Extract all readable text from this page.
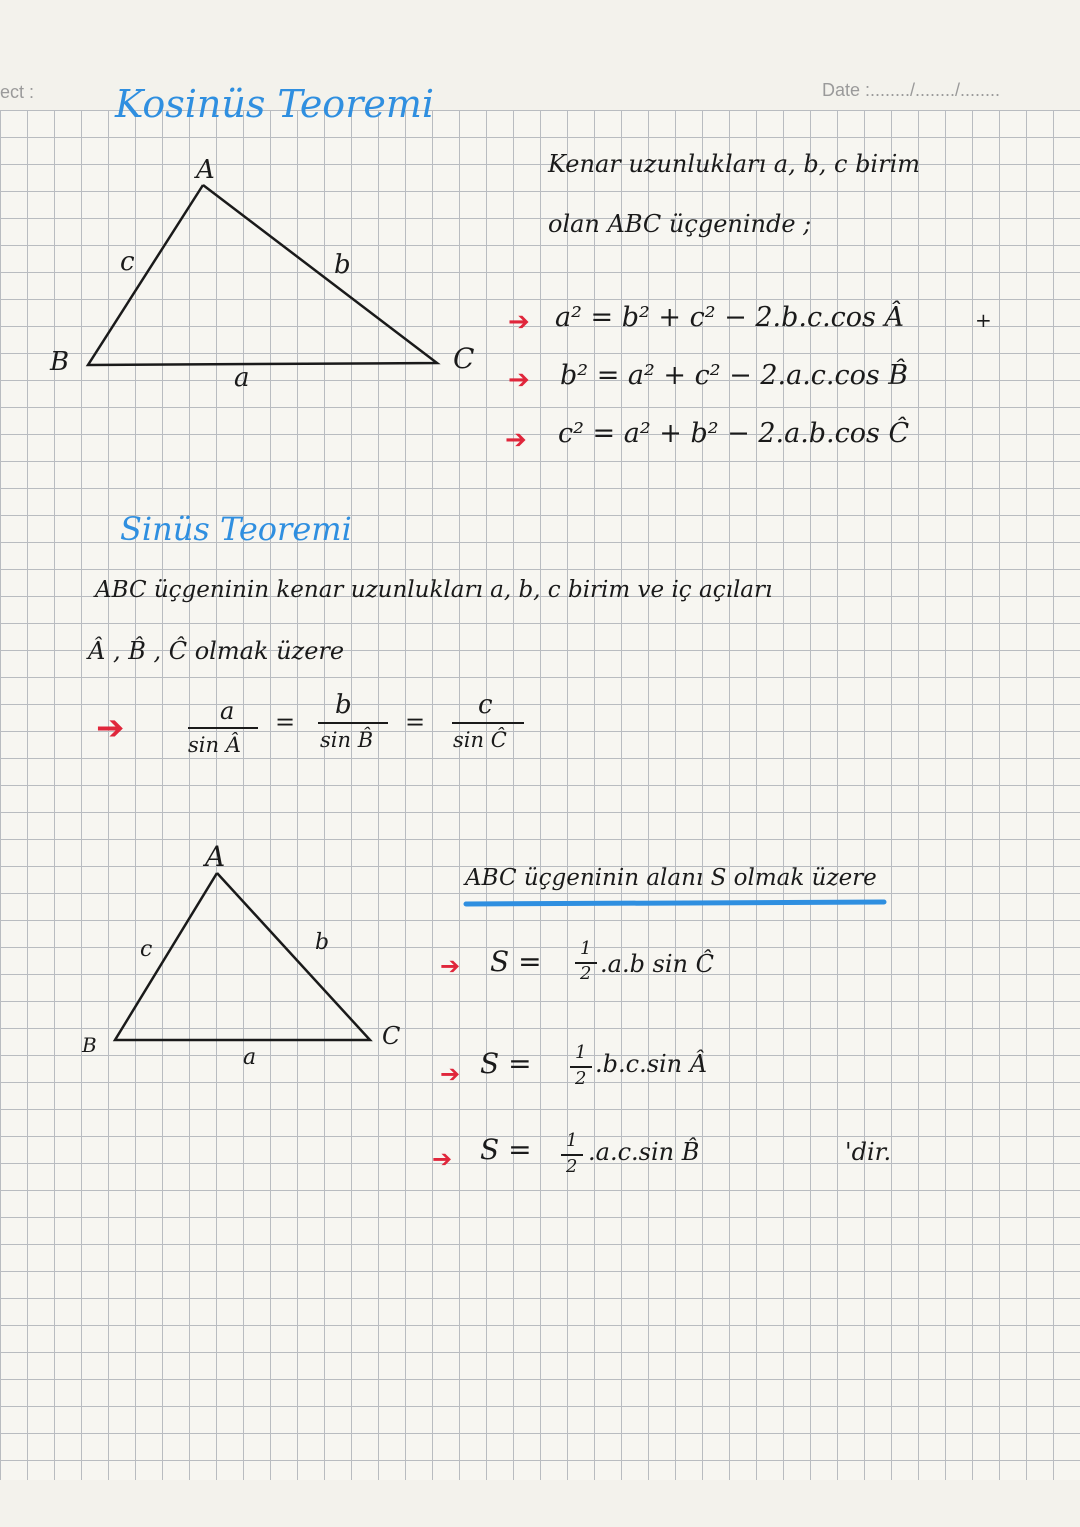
ect :	Date :......../......../........
Kosinüs Teoremi
A
B	C
a
b
c
Kenar uzunlukları a, b, c birim
olan ABC üçgeninde ;
➔ a² = b² + c² − 2.b.c.cos Â	+
➔ b² = a² + c² − 2.a.c.cos B̂
➔ c² = a² + b² − 2.a.b.cos Ĉ
Sinüs Teoremi
ABC üçgeninin kenar uzunlukları a, b, c birim ve iç açıları
Â , B̂ , Ĉ olmak üzere
➔	a
sin Â
=
b
sin B̂
=
c
sin Ĉ
A
B	C
a
b
c
ABC üçgeninin alanı S olmak üzere
➔ S = 1
2 .a.b sin Ĉ
➔ S = 1
2
.b.c.sin Â
➔ S = 1
2
.a.c.sin B̂	'dir.
